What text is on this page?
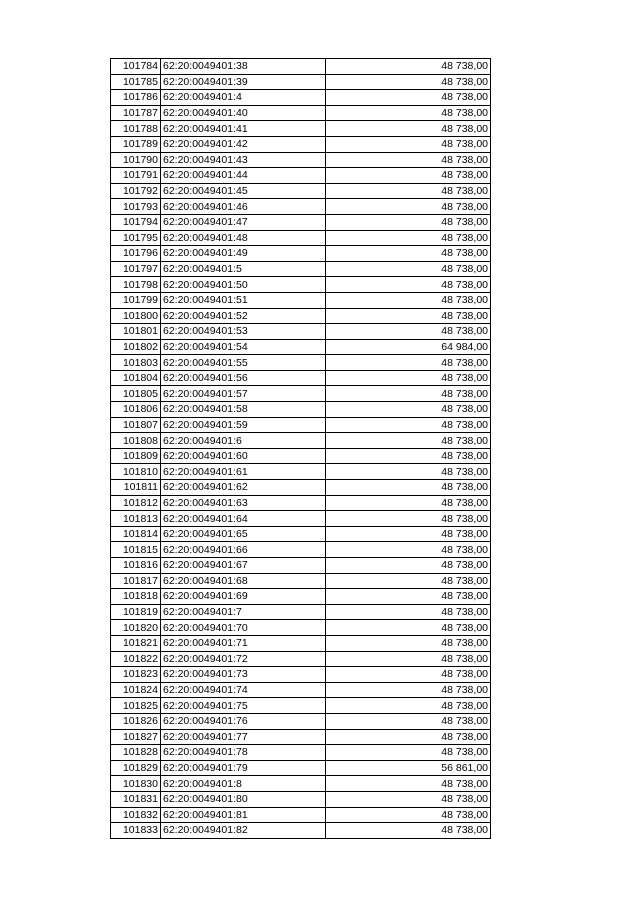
101784	62:20:0049401:38	48 738,00
101785	62:20:0049401:39	48 738,00
101786	62:20:0049401:4	48 738,00
101787	62:20:0049401:40	48 738,00
101788	62:20:0049401:41	48 738,00
101789	62:20:0049401:42	48 738,00
101790	62:20:0049401:43	48 738,00
101791	62:20:0049401:44	48 738,00
101792	62:20:0049401:45	48 738,00
101793	62:20:0049401:46	48 738,00
101794	62:20:0049401:47	48 738,00
101795	62:20:0049401:48	48 738,00
101796	62:20:0049401:49	48 738,00
101797	62:20:0049401:5	48 738,00
101798	62:20:0049401:50	48 738,00
101799	62:20:0049401:51	48 738,00
101800	62:20:0049401:52	48 738,00
101801	62:20:0049401:53	48 738,00
101802	62:20:0049401:54	64 984,00
101803	62:20:0049401:55	48 738,00
101804	62:20:0049401:56	48 738,00
101805	62:20:0049401:57	48 738,00
101806	62:20:0049401:58	48 738,00
101807	62:20:0049401:59	48 738,00
101808	62:20:0049401:6	48 738,00
101809	62:20:0049401:60	48 738,00
101810	62:20:0049401:61	48 738,00
101811	62:20:0049401:62	48 738,00
101812	62:20:0049401:63	48 738,00
101813	62:20:0049401:64	48 738,00
101814	62:20:0049401:65	48 738,00
101815	62:20:0049401:66	48 738,00
101816	62:20:0049401:67	48 738,00
101817	62:20:0049401:68	48 738,00
101818	62:20:0049401:69	48 738,00
101819	62:20:0049401:7	48 738,00
101820	62:20:0049401:70	48 738,00
101821	62:20:0049401:71	48 738,00
101822	62:20:0049401:72	48 738,00
101823	62:20:0049401:73	48 738,00
101824	62:20:0049401:74	48 738,00
101825	62:20:0049401:75	48 738,00
101826	62:20:0049401:76	48 738,00
101827	62:20:0049401:77	48 738,00
101828	62:20:0049401:78	48 738,00
101829	62:20:0049401:79	56 861,00
101830	62:20:0049401:8	48 738,00
101831	62:20:0049401:80	48 738,00
101832	62:20:0049401:81	48 738,00
101833	62:20:0049401:82	48 738,00
